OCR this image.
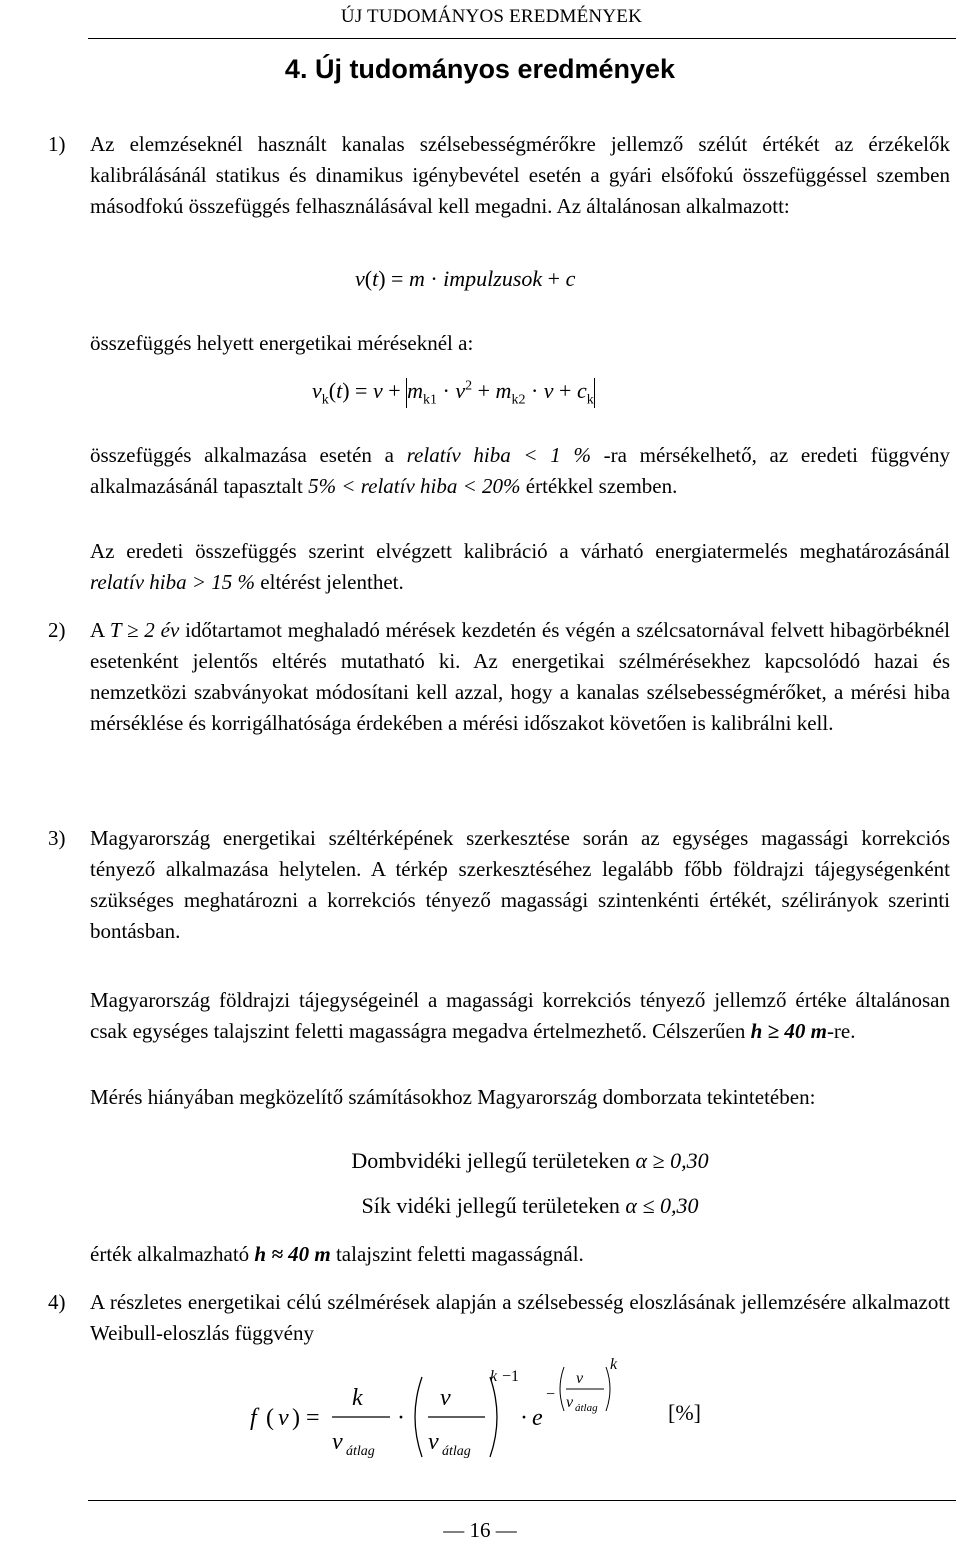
ÚJ TUDOMÁNYOS EREDMÉNYEK
4. Új tudományos eredmények
1) Az elemzéseknél használt kanalas szélsebességmérőkre jellemző szélút értékét az érzékelők kalibrálásánál statikus és dinamikus igénybevétel esetén a gyári elsőfokú összefüggéssel szemben másodfokú összefüggés felhasználásával kell megadni. Az általánosan alkalmazott:
v(t) = m · impulzusok + c
összefüggés helyett energetikai méréseknél a:
$v_k(t) = v + m_{k1} \cdot v^2 + m_{k2} \cdot v + c_k$
összefüggés alkalmazása esetén a relatív hiba < 1 % -ra mérsékelhető, az eredeti függvény alkalmazásánál tapasztalt 5% < relatív hiba < 20% értékkel szemben.
Az eredeti összefüggés szerint elvégzett kalibráció a várható energiatermelés meghatározásánál relatív hiba > 15 % eltérést jelenthet.
2) A T ≥ 2 év időtartamot meghaladó mérések kezdetén és végén a szélcsatornával felvett hibagörbéknél esetenként jelentős eltérés mutatható ki. Az energetikai szélmérésekhez kapcsolódó hazai és nemzetközi szabványokat módosítani kell azzal, hogy a kanalas szélsebességmérőket, a mérési hiba mérséklése és korrigálhatósága érdekében a mérési időszakot követően is kalibrálni kell.
3) Magyarország energetikai széltérképének szerkesztése során az egységes magassági korrekciós tényező alkalmazása helytelen. A térkép szerkesztéséhez legalább főbb földrajzi tájegységenként szükséges meghatározni a korrekciós tényező magassági szintenkénti értékét, szélirányok szerinti bontásban.
Magyarország földrajzi tájegységeinél a magassági korrekciós tényező jellemző értéke általánosan csak egységes talajszint feletti magasságra megadva értelmezhető. Célszerűen h ≥ 40 m-re.
Mérés hiányában megközelítő számításokhoz Magyarország domborzata tekintetében:
Dombvidéki jellegű területeken α ≥ 0,30
Sík vidéki jellegű területeken α ≤ 0,30
érték alkalmazható h ≈ 40 m talajszint feletti magasságnál.
4) A részletes energetikai célú szélmérések alapján a szélsebesség eloszlásának jellemzésére alkalmazott Weibull-eloszlás függvény
f ( v ) =
k
v átlag
·
v
v átlag
k −1
· e
−
v
v átlag
k
[%]
— 16 —
